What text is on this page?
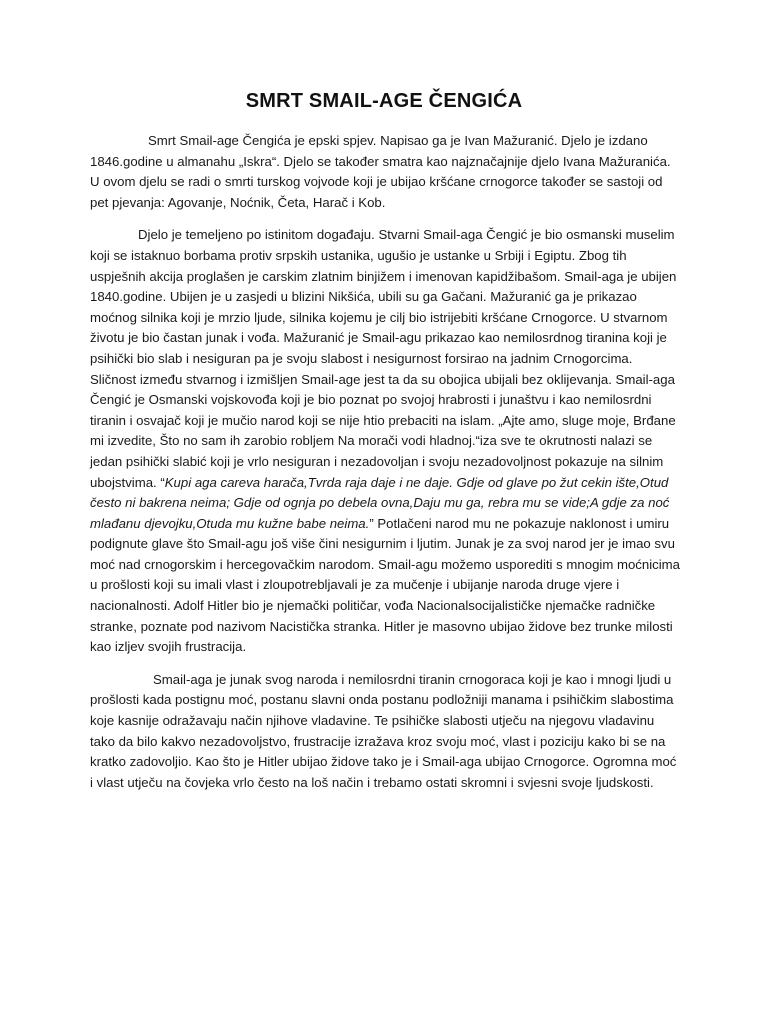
SMRT SMAIL-AGE ČENGIĆA

Smrt Smail-age Čengića je epski spjev. Napisao ga je Ivan Mažuranić. Djelo je izdano 1846.godine u almanahu „Iskra“. Djelo se također smatra kao najznačajnije djelo Ivana Mažuranića. U ovom djelu se radi o smrti turskog vojvode koji je ubijao kršćane crnogorce također se sastoji od pet pjevanja: Agovanje, Noćnik, Četa, Harač i Kob.

Djelo je temeljeno po istinitom događaju. Stvarni Smail-aga Čengić je bio osmanski muselim koji se istaknuo borbama protiv srpskih ustanika, ugušio je ustanke u Srbiji i Egiptu. Zbog tih uspješnih akcija proglašen je carskim zlatnim binjižem i imenovan kapidžibašom. Smail-aga je ubijen 1840.godine. Ubijen je u zasjedi u blizini Nikšića, ubili su ga Gačani. Mažuranić ga je prikazao moćnog silnika koji je mrzio ljude, silnika kojemu je cilj bio istrijebiti kršćane Crnogorce. U stvarnom životu je bio častan junak i vođa. Mažuranić je Smail-agu prikazao kao nemilosrdnog tiranina koji je psihički bio slab i nesiguran pa je svoju slabost i nesigurnost forsirao na jadnim Crnogorcima. Sličnost između stvarnog i izmišljen Smail-age jest ta da su obojica ubijali bez oklijevanja. Smail-aga Čengić je Osmanski vojskovođa koji je bio poznat po svojoj hrabrosti i junaštvu i kao nemilosrdni tiranin i osvajač koji je mučio narod koji se nije htio prebaciti na islam. „Ajte amo, sluge moje, Brđane mi izvedite, Što no sam ih zarobio robljem Na morači vodi hladnoj.“iza sve te okrutnosti nalazi se jedan psihički slabić koji je vrlo nesiguran i nezadovoljan i svoju nezadovoljnost pokazuje na silnim ubojstvima. “Kupi aga careva harača,Tvrda raja daje i ne daje. Gdje od glave po žut cekin ište,Otud često ni bakrena neima; Gdje od ognja po debela ovna,Daju mu ga, rebra mu se vide;A gdje za noć mlađanu djevojku,Otuda mu kužne babe neima.” Potlačeni narod mu ne pokazuje naklonost i umiru podignute glave što Smail-agu još više čini nesigurnim i ljutim. Junak je za svoj narod jer je imao svu moć nad crnogorskim i hercegovačkim narodom. Smail-agu možemo usporediti s mnogim moćnicima u prošlosti koji su imali vlast i zloupotrebljavali je za mučenje i ubijanje naroda druge vjere i nacionalnosti. Adolf Hitler bio je njemački političar, vođa Nacionalsocijalističke njemačke radničke stranke, poznate pod nazivom Nacistička stranka. Hitler je masovno ubijao židove bez trunke milosti kao izljev svojih frustracija.

Smail-aga je junak svog naroda i nemilosrdni tiranin crnogoraca koji je kao i mnogi ljudi u prošlosti kada postignu moć, postanu slavni onda postanu podložniji manama i psihičkim slabostima koje kasnije odražavaju način njihove vladavine. Te psihičke slabosti utječu na njegovu vladavinu tako da bilo kakvo nezadovoljstvo, frustracije izražava kroz svoju moć, vlast i poziciju kako bi se na kratko zadovoljio. Kao što je Hitler ubijao židove tako je i Smail-aga ubijao Crnogorce. Ogromna moć i vlast utječu na čovjeka vrlo često na loš način i trebamo ostati skromni i svjesni svoje ljudskosti.
